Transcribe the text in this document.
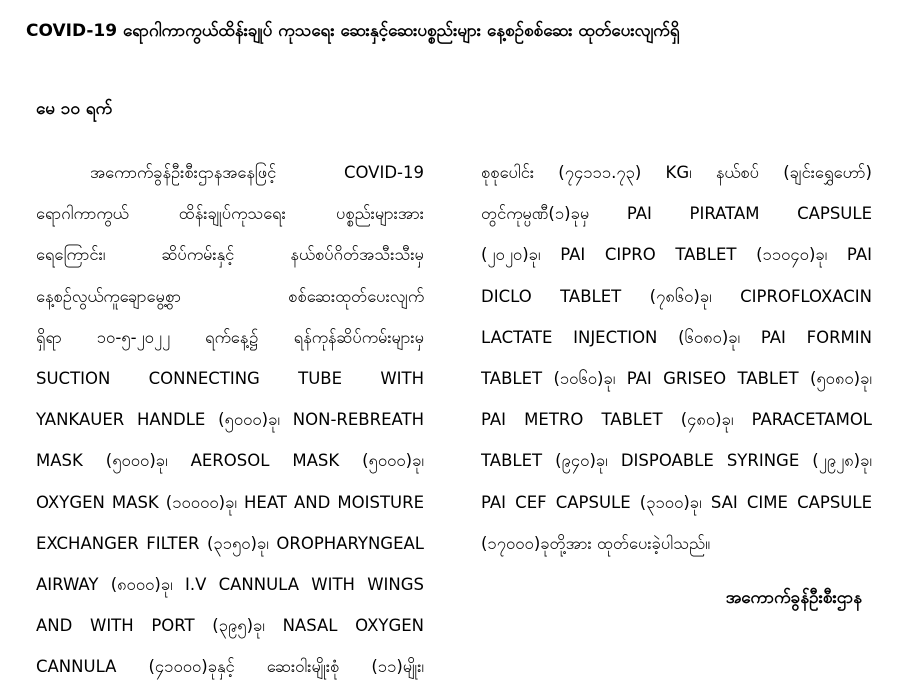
COVID-19 ရောဂါကာကွယ်ထိန်းချုပ် ကုသရေး ဆေးနှင့်ဆေးပစ္စည်းများ နေ့စဥ်စစ်ဆေး ထုတ်ပေးလျက်ရှိ
မေ ၁၀ ရက်
အကောက်ခွန်ဦးစီးဌာနအနေဖြင့် COVID-19
ရောဂါကာကွယ် ထိန်းချုပ်ကုသရေး ပစ္စည်းများအား
ရေကြောင်း၊ ဆိပ်ကမ်းနှင့် နယ်စပ်ဂိတ်အသီးသီးမှ
နေ့စဥ်လွယ်ကူချောမွေ့စွာ စစ်ဆေးထုတ်ပေးလျက်
ရှိရာ ၁၀-၅-၂၀၂၂ ရက်နေ့၌ ရန်ကုန်ဆိပ်ကမ်းများမှ
SUCTION CONNECTING TUBE WITH
YANKAUER HANDLE (၅၀၀၀)ခု၊ NON-REBREATH
MASK (၅၀၀၀)ခု၊ AEROSOL MASK (၅၀၀၀)ခု၊
OXYGEN MASK (၁၀၀၀၀)ခု၊ HEAT AND MOISTURE
EXCHANGER FILTER (၃၁၅၀)ခု၊ OROPHARYNGEAL
AIRWAY (၈၀၀၀)ခု၊ I.V CANNULA WITH WINGS
AND WITH PORT (၃၉၅)ခု၊ NASAL OXYGEN
CANNULA (၄၁၀၀၀)ခုနှင့် ဆေးဝါးမျိုးစုံ (၁၁)မျိုး၊
စုစုပေါင်း (၇၄၁၁၁.၇၃) KG၊ နယ်စပ် (ချင်းရွှေဟော်)
တွင်ကုမ္ပဏီ(၁)ခုမှ PAI PIRATAM CAPSULE
(၂၀၂၀)ခု၊ PAI CIPRO TABLET (၁၁၀၄၀)ခု၊ PAI
DICLO TABLET (၇၈၆၀)ခု၊ CIPROFLOXACIN
LACTATE INJECTION (၆၀၈၀)ခု၊ PAI FORMIN
TABLET (၁၀၆၀)ခု၊ PAI GRISEO TABLET (၅၀၈၀)ခု၊
PAI METRO TABLET (၄၈၀)ခု၊ PARACETAMOL
TABLET (၉၄၀)ခု၊ DISPOABLE SYRINGE (၂၉၂၈)ခု၊
PAI CEF CAPSULE (၃၁၀၀)ခု၊ SAI CIME CAPSULE
(၁၇၀၀၀)ခုတို့အား ထုတ်ပေးခဲ့ပါသည်။
အကောက်ခွန်ဦးစီးဌာန
